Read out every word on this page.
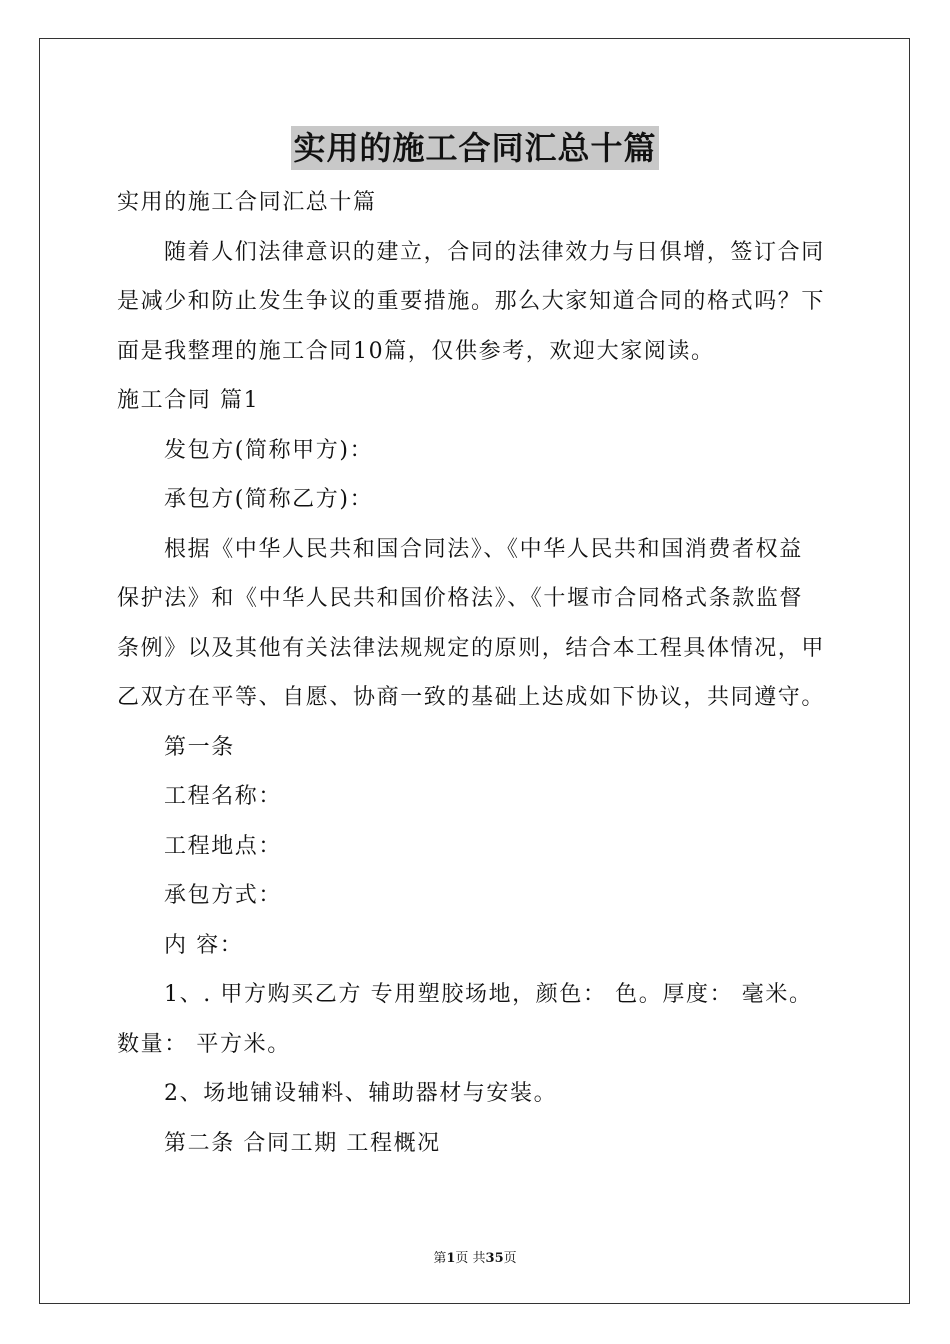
实用的施工合同汇总十篇
实用的施工合同汇总十篇
随着人们法律意识的建立，合同的法律效力与日俱增，签订合同
是减少和防止发生争议的重要措施。那么大家知道合同的格式吗？下
面是我整理的施工合同10篇，仅供参考，欢迎大家阅读。
施工合同 篇1
发包方(简称甲方)：
承包方(简称乙方)：
根据《中华人民共和国合同法》、《中华人民共和国消费者权益
保护法》和《中华人民共和国价格法》、《十堰市合同格式条款监督
条例》以及其他有关法律法规规定的原则，结合本工程具体情况，甲
乙双方在平等、自愿、协商一致的基础上达成如下协议，共同遵守。
第一条
工程名称：
工程地点：
承包方式：
内 容：
1、. 甲方购买乙方 专用塑胶场地，颜色： 色。厚度： 毫米。
数量： 平方米。
2、场地铺设辅料、辅助器材与安装。
第二条 合同工期 工程概况
第1页 共35页
